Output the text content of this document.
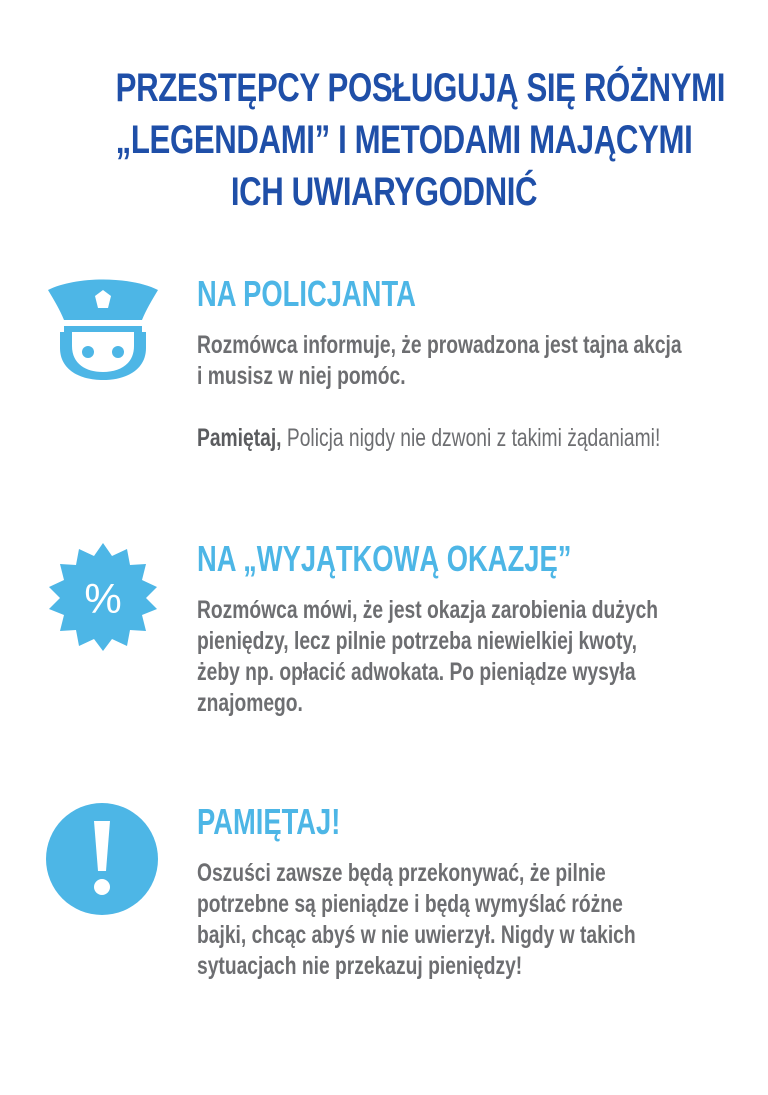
PRZESTĘPCY POSŁUGUJĄ SIĘ RÓŻNYMI
„LEGENDAMI” I METODAMI MAJĄCYMI
ICH UWIARYGODNIĆ
NA POLICJANTA
Rozmówca informuje, że prowadzona jest tajna akcja
i musisz w niej pomóc.

Pamiętaj, Policja nigdy nie dzwoni z takimi żądaniami!
%
NA „WYJĄTKOWĄ OKAZJĘ”
Rozmówca mówi, że jest okazja zarobienia dużych
pieniędzy, lecz pilnie potrzeba niewielkiej kwoty,
żeby np. opłacić adwokata. Po pieniądze wysyła
znajomego.
PAMIĘTAJ!
Oszuści zawsze będą przekonywać, że pilnie
potrzebne są pieniądze i będą wymyślać różne
bajki, chcąc abyś w nie uwierzył. Nigdy w takich
sytuacjach nie przekazuj pieniędzy!
